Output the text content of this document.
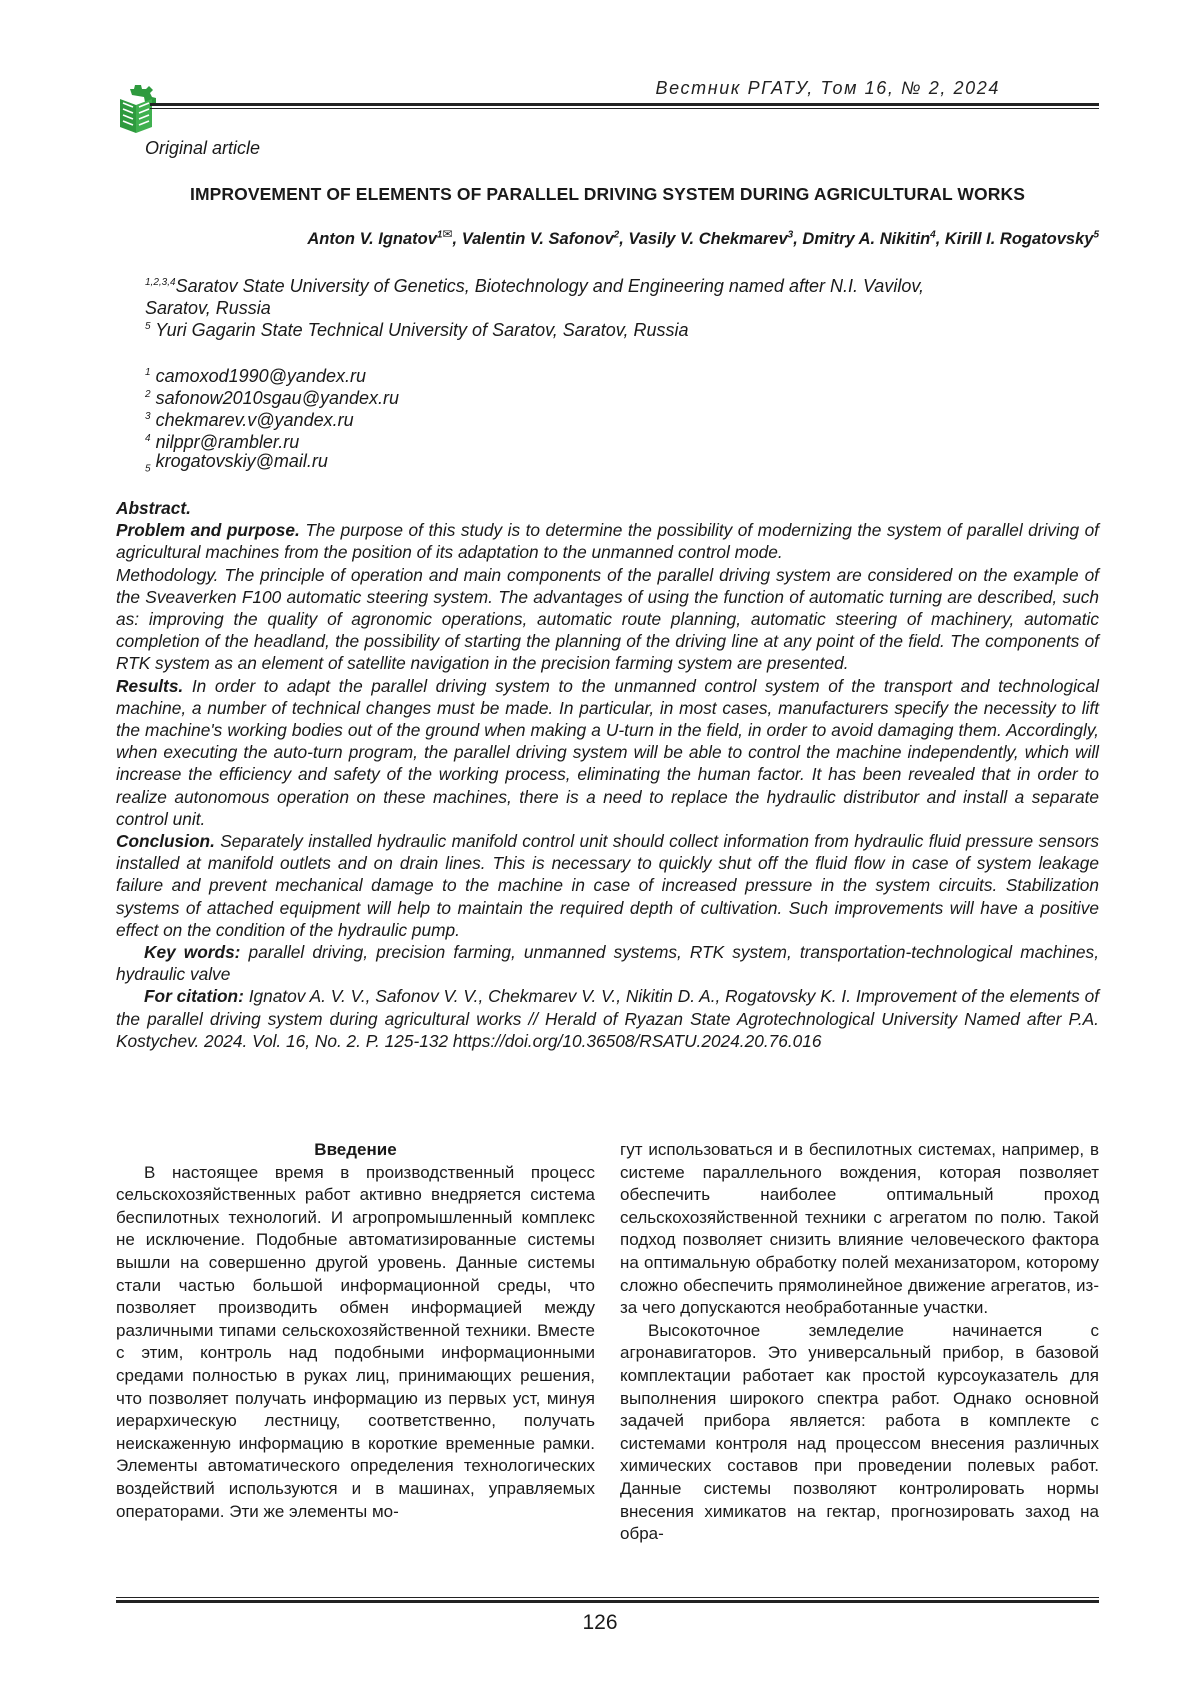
Вестник РГАТУ, Том 16, № 2, 2024
Original article
IMPROVEMENT OF ELEMENTS OF PARALLEL DRIVING SYSTEM DURING AGRICULTURAL WORKS
Anton V. Ignatov$^1$✉, Valentin V. Safonov$^2$, Vasily V. Chekmarev$^3$, Dmitry A. Nikitin$^4$, Kirill I. Rogatovsky$^5$
$^{1,2,3,4}$Saratov State University of Genetics, Biotechnology and Engineering named after N.I. Vavilov,
Saratov, Russia
$^5$ Yuri Gagarin State Technical University of Saratov, Saratov, Russia
$^1$ camoxod1990@yandex.ru
$^2$ safonow2010sgau@yandex.ru
$^3$ chekmarev.v@yandex.ru
$^4$ nilppr@rambler.ru
$_5$ krogatovskiy@mail.ru

Abstract.

Problem and purpose. The purpose of this study is to determine the possibility of modernizing the system of parallel driving of agricultural machines from the position of its adaptation to the unmanned control mode.

Methodology. The principle of operation and main components of the parallel driving system are considered on the example of the Sveaverken F100 automatic steering system. The advantages of using the function of automatic turning are described, such as: improving the quality of agronomic operations, automatic route planning, automatic steering of machinery, automatic completion of the headland, the possibility of starting the planning of the driving line at any point of the field. The components of RTK system as an element of satellite navigation in the precision farming system are presented.

Results. In order to adapt the parallel driving system to the unmanned control system of the transport and technological machine, a number of technical changes must be made. In particular, in most cases, manufacturers specify the necessity to lift the machine's working bodies out of the ground when making a U-turn in the field, in order to avoid damaging them. Accordingly, when executing the auto-turn program, the parallel driving system will be able to control the machine independently, which will increase the efficiency and safety of the working process, eliminating the human factor. It has been revealed that in order to realize autonomous operation on these machines, there is a need to replace the hydraulic distributor and install a separate control unit.

Conclusion. Separately installed hydraulic manifold control unit should collect information from hydraulic fluid pressure sensors installed at manifold outlets and on drain lines. This is necessary to quickly shut off the fluid flow in case of system leakage failure and prevent mechanical damage to the machine in case of increased pressure in the system circuits. Stabilization systems of attached equipment will help to maintain the required depth of cultivation. Such improvements will have a positive effect on the condition of the hydraulic pump.

Key words: parallel driving, precision farming, unmanned systems, RTK system, transportation-technological machines, hydraulic valve

For citation: Ignatov A. V. V., Safonov V. V., Chekmarev V. V., Nikitin D. A., Rogatovsky K. I. Improvement of the elements of the parallel driving system during agricultural works // Herald of Ryazan State Agrotechnological University Named after P.A. Kostychev. 2024. Vol. 16, No. 2. P. 125-132 https://doi.org/10.36508/RSATU.2024.20.76.016

Введение

В настоящее время в производственный процесс сельскохозяйственных работ активно внедряется система беспилотных технологий. И агропромышленный комплекс не исключение. Подобные автоматизированные системы вышли на совершенно другой уровень. Данные системы стали частью большой информационной среды, что позволяет производить обмен информацией между различными типами сельскохозяйственной техники. Вместе с этим, контроль над подобными информационными средами полностью в руках лиц, принимающих решения, что позволяет получать информацию из первых уст, минуя иерархическую лестницу, соответственно, получать неискаженную информацию в короткие временные рамки. Элементы автоматического определения технологических воздействий используются и в машинах, управляемых операторами. Эти же элементы мо-

гут использоваться и в беспилотных системах, например, в системе параллельного вождения, которая позволяет обеспечить наиболее оптимальный проход сельскохозяйственной техники с агрегатом по полю. Такой подход позволяет снизить влияние человеческого фактора на оптимальную обработку полей механизатором, которому сложно обеспечить прямолинейное движение агрегатов, из-за чего допускаются необработанные участки.

Высокоточное земледелие начинается с агронавигаторов. Это универсальный прибор, в базовой комплектации работает как простой курсоуказатель для выполнения широкого спектра работ. Однако основной задачей прибора является: работа в комплекте с системами контроля над процессом внесения различных химических составов при проведении полевых работ. Данные системы позволяют контролировать нормы внесения химикатов на гектар, прогнозировать заход на обра-

126
